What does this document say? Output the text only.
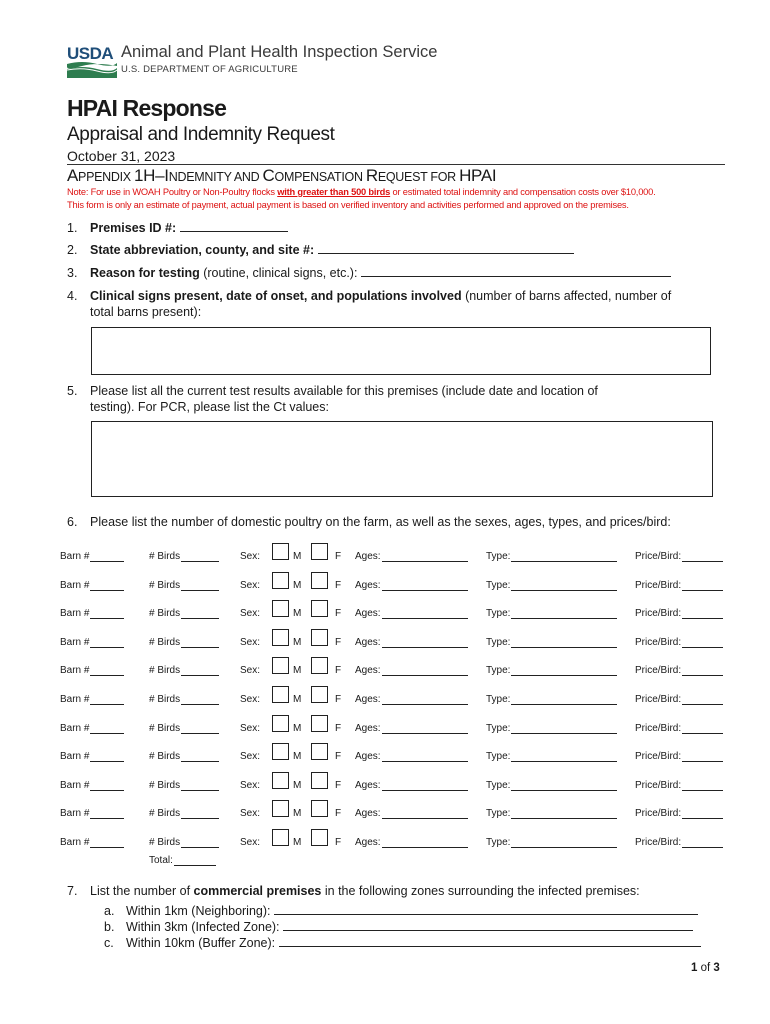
USDA Animal and Plant Health Inspection Service
U.S. DEPARTMENT OF AGRICULTURE
HPAI Response
Appraisal and Indemnity Request
October 31, 2023
APPENDIX 1H–INDEMNITY AND COMPENSATION REQUEST FOR HPAI
Note: For use in WOAH Poultry or Non-Poultry flocks with greater than 500 birds or estimated total indemnity and compensation costs over $10,000.
This form is only an estimate of payment, actual payment is based on verified inventory and activities performed and approved on the premises.
1. Premises ID #:
2. State abbreviation, county, and site #:
3. Reason for testing (routine, clinical signs, etc.):
4. Clinical signs present, date of onset, and populations involved (number of barns affected, number of
total barns present):
5. Please list all the current test results available for this premises (include date and location of
testing). For PCR, please list the Ct values:
6. Please list the number of domestic poultry on the farm, as well as the sexes, ages, types, and prices/bird:
Barn #	# Birds	Sex:	M	F Ages:	Type:	Price/Bird:
Barn #	# Birds	Sex:	M	F Ages:	Type:	Price/Bird:
Barn #	# Birds	Sex:	M	F Ages:	Type:	Price/Bird:
Barn #	# Birds	Sex:	M	F Ages:	Type:	Price/Bird:
Barn #	# Birds	Sex:	M	F Ages:	Type:	Price/Bird:
Barn #	# Birds	Sex:	M	F Ages:	Type:	Price/Bird:
Barn #	# Birds	Sex:	M	F Ages:	Type:	Price/Bird:
Barn #	# Birds	Sex:	M	F Ages:	Type:	Price/Bird:
Barn #	# Birds	Sex:	M	F Ages:	Type:	Price/Bird:
Barn #	# Birds	Sex:	M	F Ages:	Type:	Price/Bird:
Barn #	# Birds	Sex:	M	F Ages:	Type:	Price/Bird:
Total:
7. List the number of commercial premises in the following zones surrounding the infected premises:
a. Within 1km (Neighboring):
b. Within 3km (Infected Zone):
c. Within 10km (Buffer Zone):
1 of 3
